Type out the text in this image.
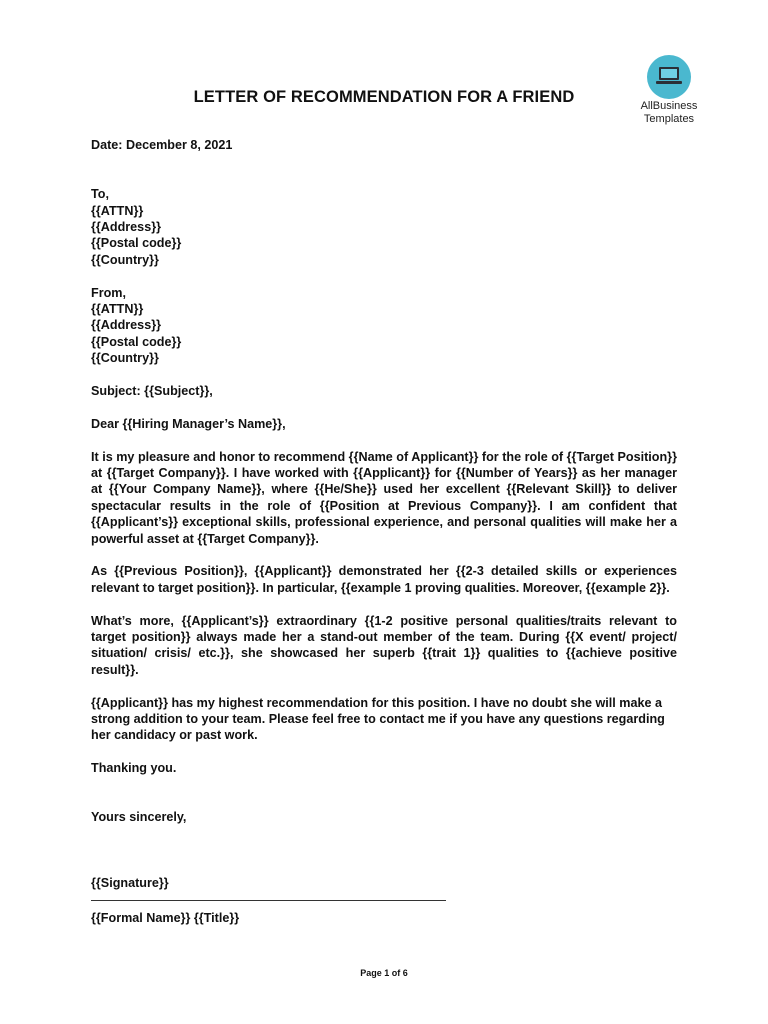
AllBusiness
Templates
LETTER OF RECOMMENDATION FOR A FRIEND

Date: December 8, 2021

To,

{{ATTN}}

{{Address}}

{{Postal code}}

{{Country}}

From,

{{ATTN}}

{{Address}}

{{Postal code}}

{{Country}}

Subject: {{Subject}},

Dear {{Hiring Manager’s Name}},

It is my pleasure and honor to recommend {{Name of Applicant}} for the role of {{Target Position}} at {{Target Company}}. I have worked with {{Applicant}} for {{Number of Years}} as her manager at {{Your Company Name}}, where {{He/She}} used her excellent {{Relevant Skill}} to deliver spectacular results in the role of {{Position at Previous Company}}. I am confident that {{Applicant’s}} exceptional skills, professional experience, and personal qualities will make her a powerful asset at {{Target Company}}.

As {{Previous Position}}, {{Applicant}} demonstrated her {{2-3 detailed skills or experiences relevant to target position}}. In particular, {{example 1 proving qualities. Moreover, {{example 2}}.

What’s more, {{Applicant’s}} extraordinary {{1-2 positive personal qualities/traits relevant to target position}} always made her a stand-out member of the team. During {{X event/ project/ situation/ crisis/ etc.}}, she showcased her superb {{trait 1}} qualities to {{achieve positive result}}.

{{Applicant}} has my highest recommendation for this position. I have no doubt she will make a strong addition to your team. Please feel free to contact me if you have any questions regarding her candidacy or past work.

Thanking you.

Yours sincerely,

{{Signature}}

{{Formal Name}} {{Title}}

Page 1 of 6
